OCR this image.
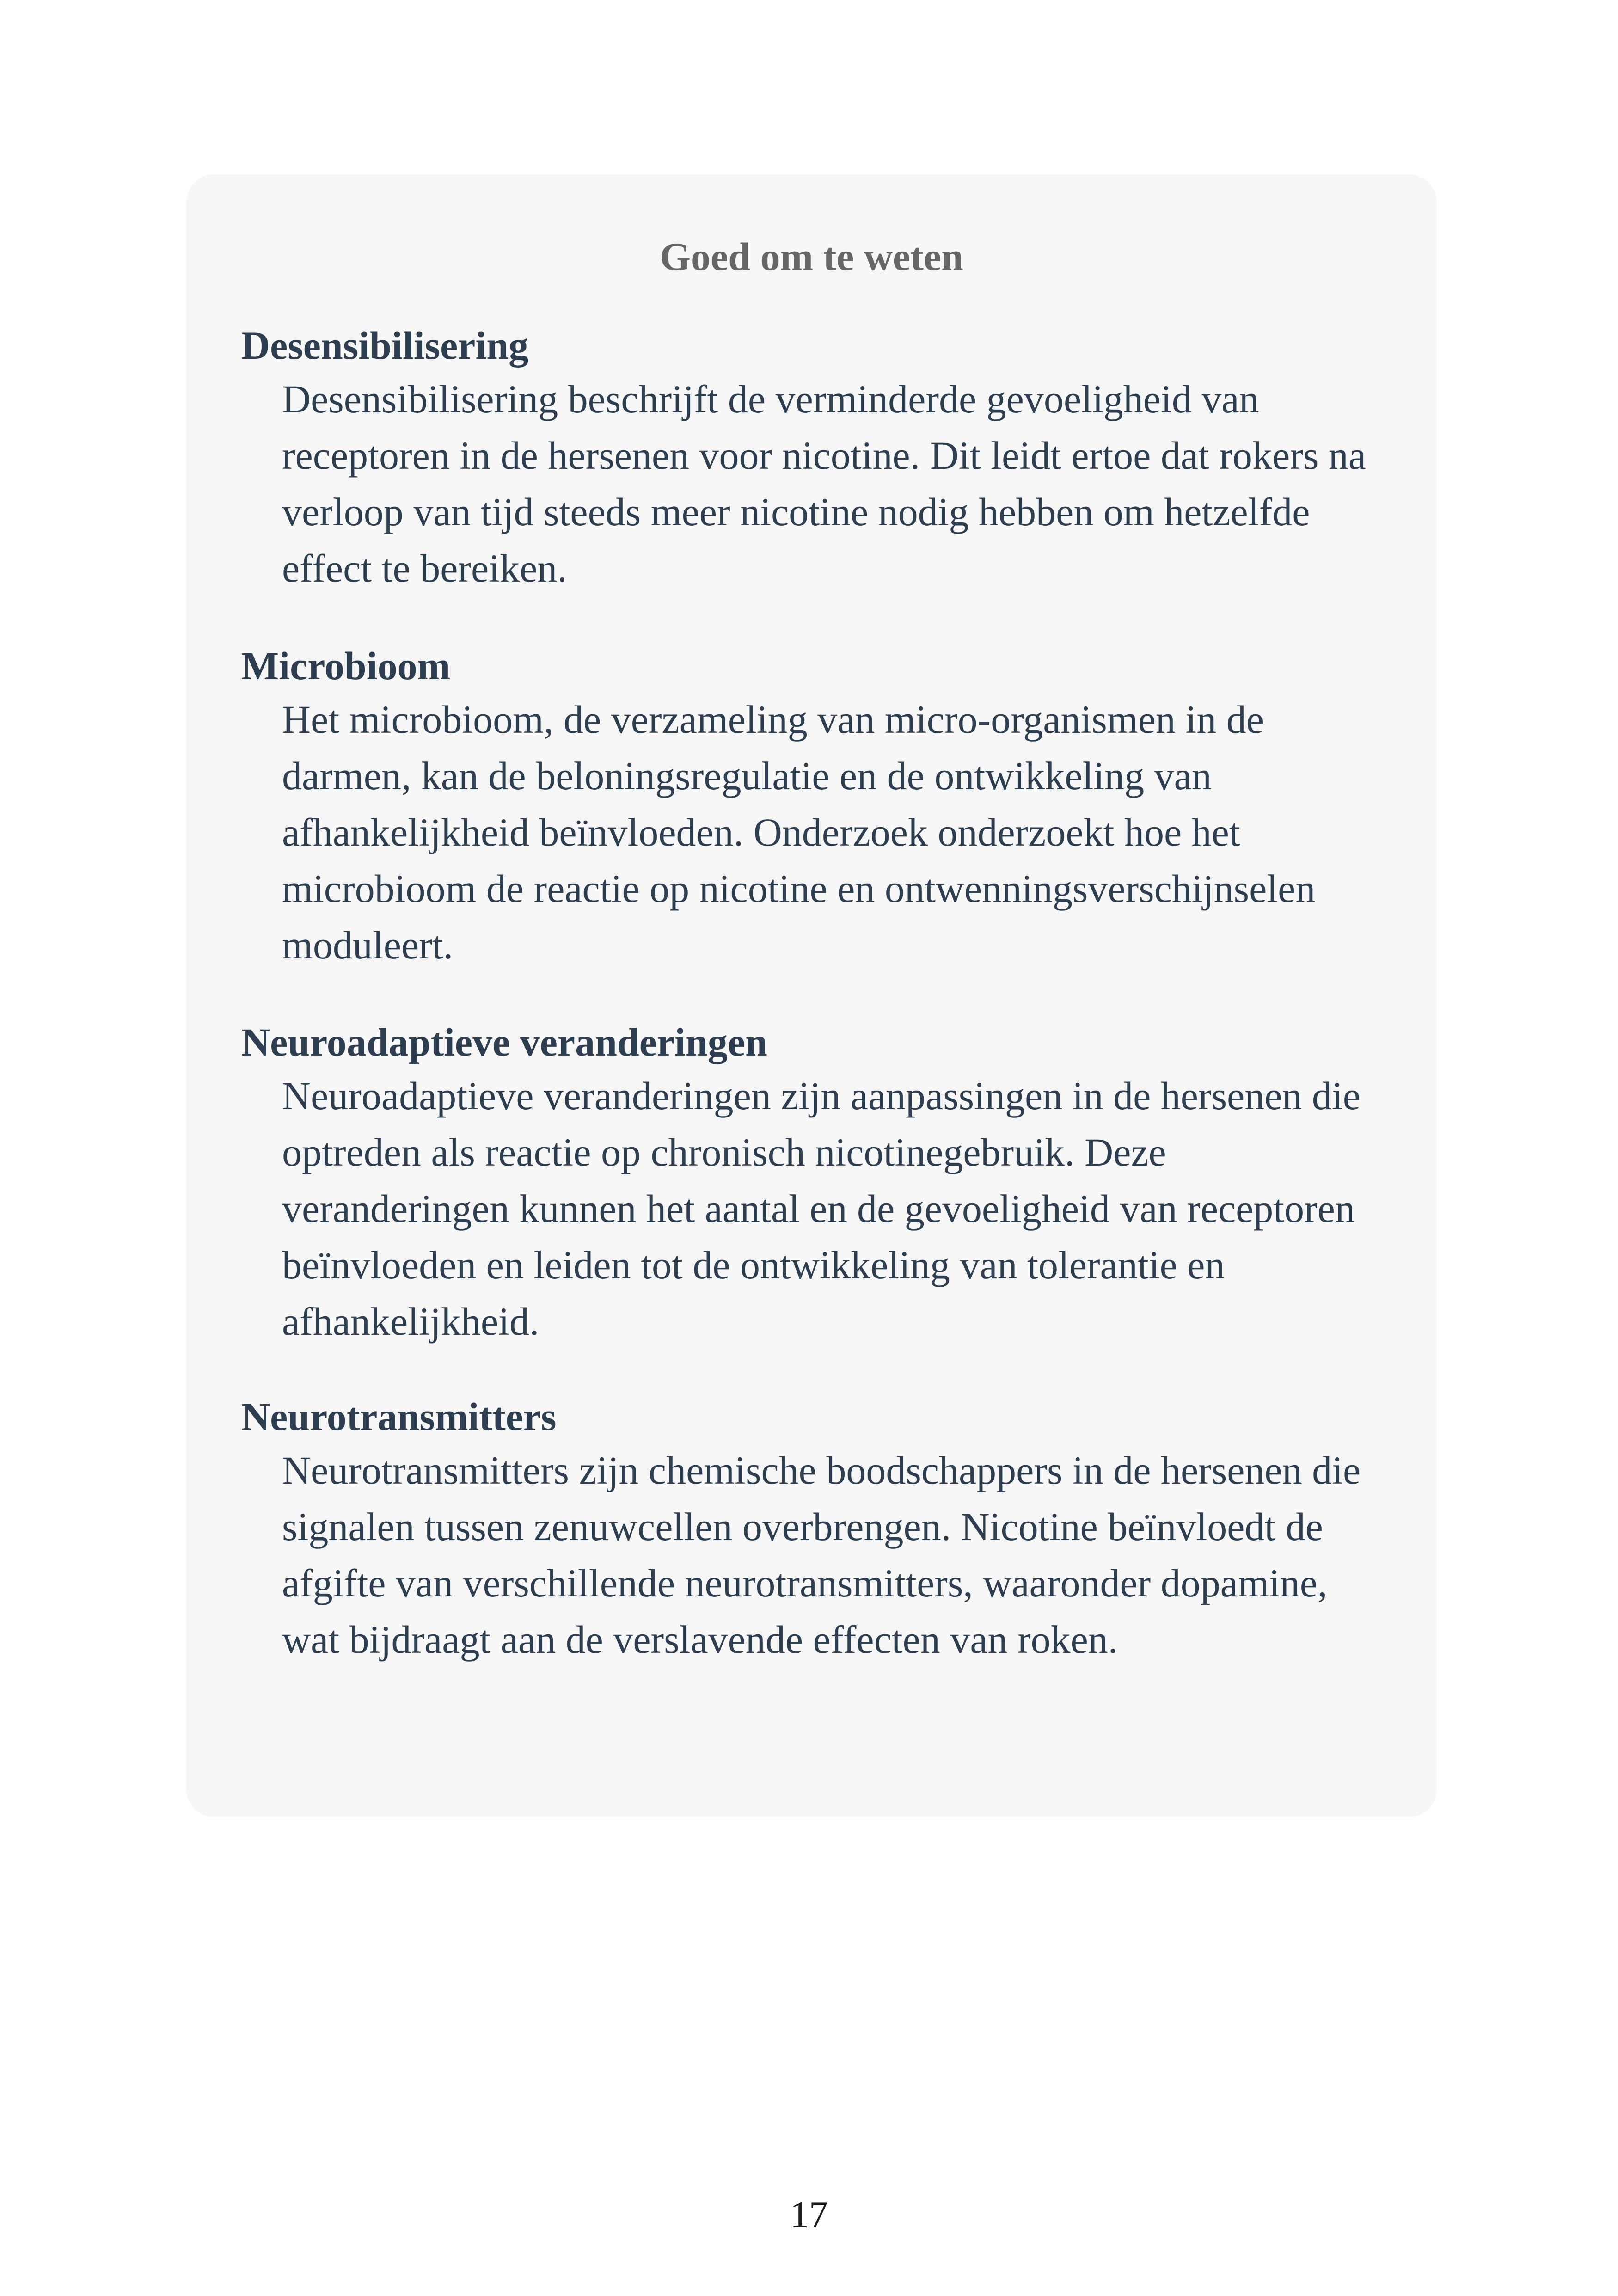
Goed om te weten
Desensibilisering

Desensibilisering beschrijft de verminderde gevoeligheid van receptoren in de hersenen voor nicotine. Dit leidt ertoe dat rokers na verloop van tijd steeds meer nicotine nodig hebben om hetzelfde effect te bereiken.

Microbioom

Het microbioom, de verzameling van micro-organismen in de darmen, kan de beloningsregulatie en de ontwikkeling van afhankelijkheid beïnvloeden. Onderzoek onderzoekt hoe het microbioom de reactie op nicotine en ontwenningsverschijnselen moduleert.

Neuroadaptieve veranderingen

Neuroadaptieve veranderingen zijn aanpassingen in de hersenen die optreden als reactie op chronisch nicotinegebruik. Deze veranderingen kunnen het aantal en de gevoeligheid van receptoren beïnvloeden en leiden tot de ontwikkeling van tolerantie en afhankelijkheid.

Neurotransmitters

Neurotransmitters zijn chemische boodschappers in de hersenen die signalen tussen zenuwcellen overbrengen. Nicotine beïnvloedt de afgifte van verschillende neurotransmitters, waaronder dopamine, wat bijdraagt aan de verslavende effecten van roken.

17
